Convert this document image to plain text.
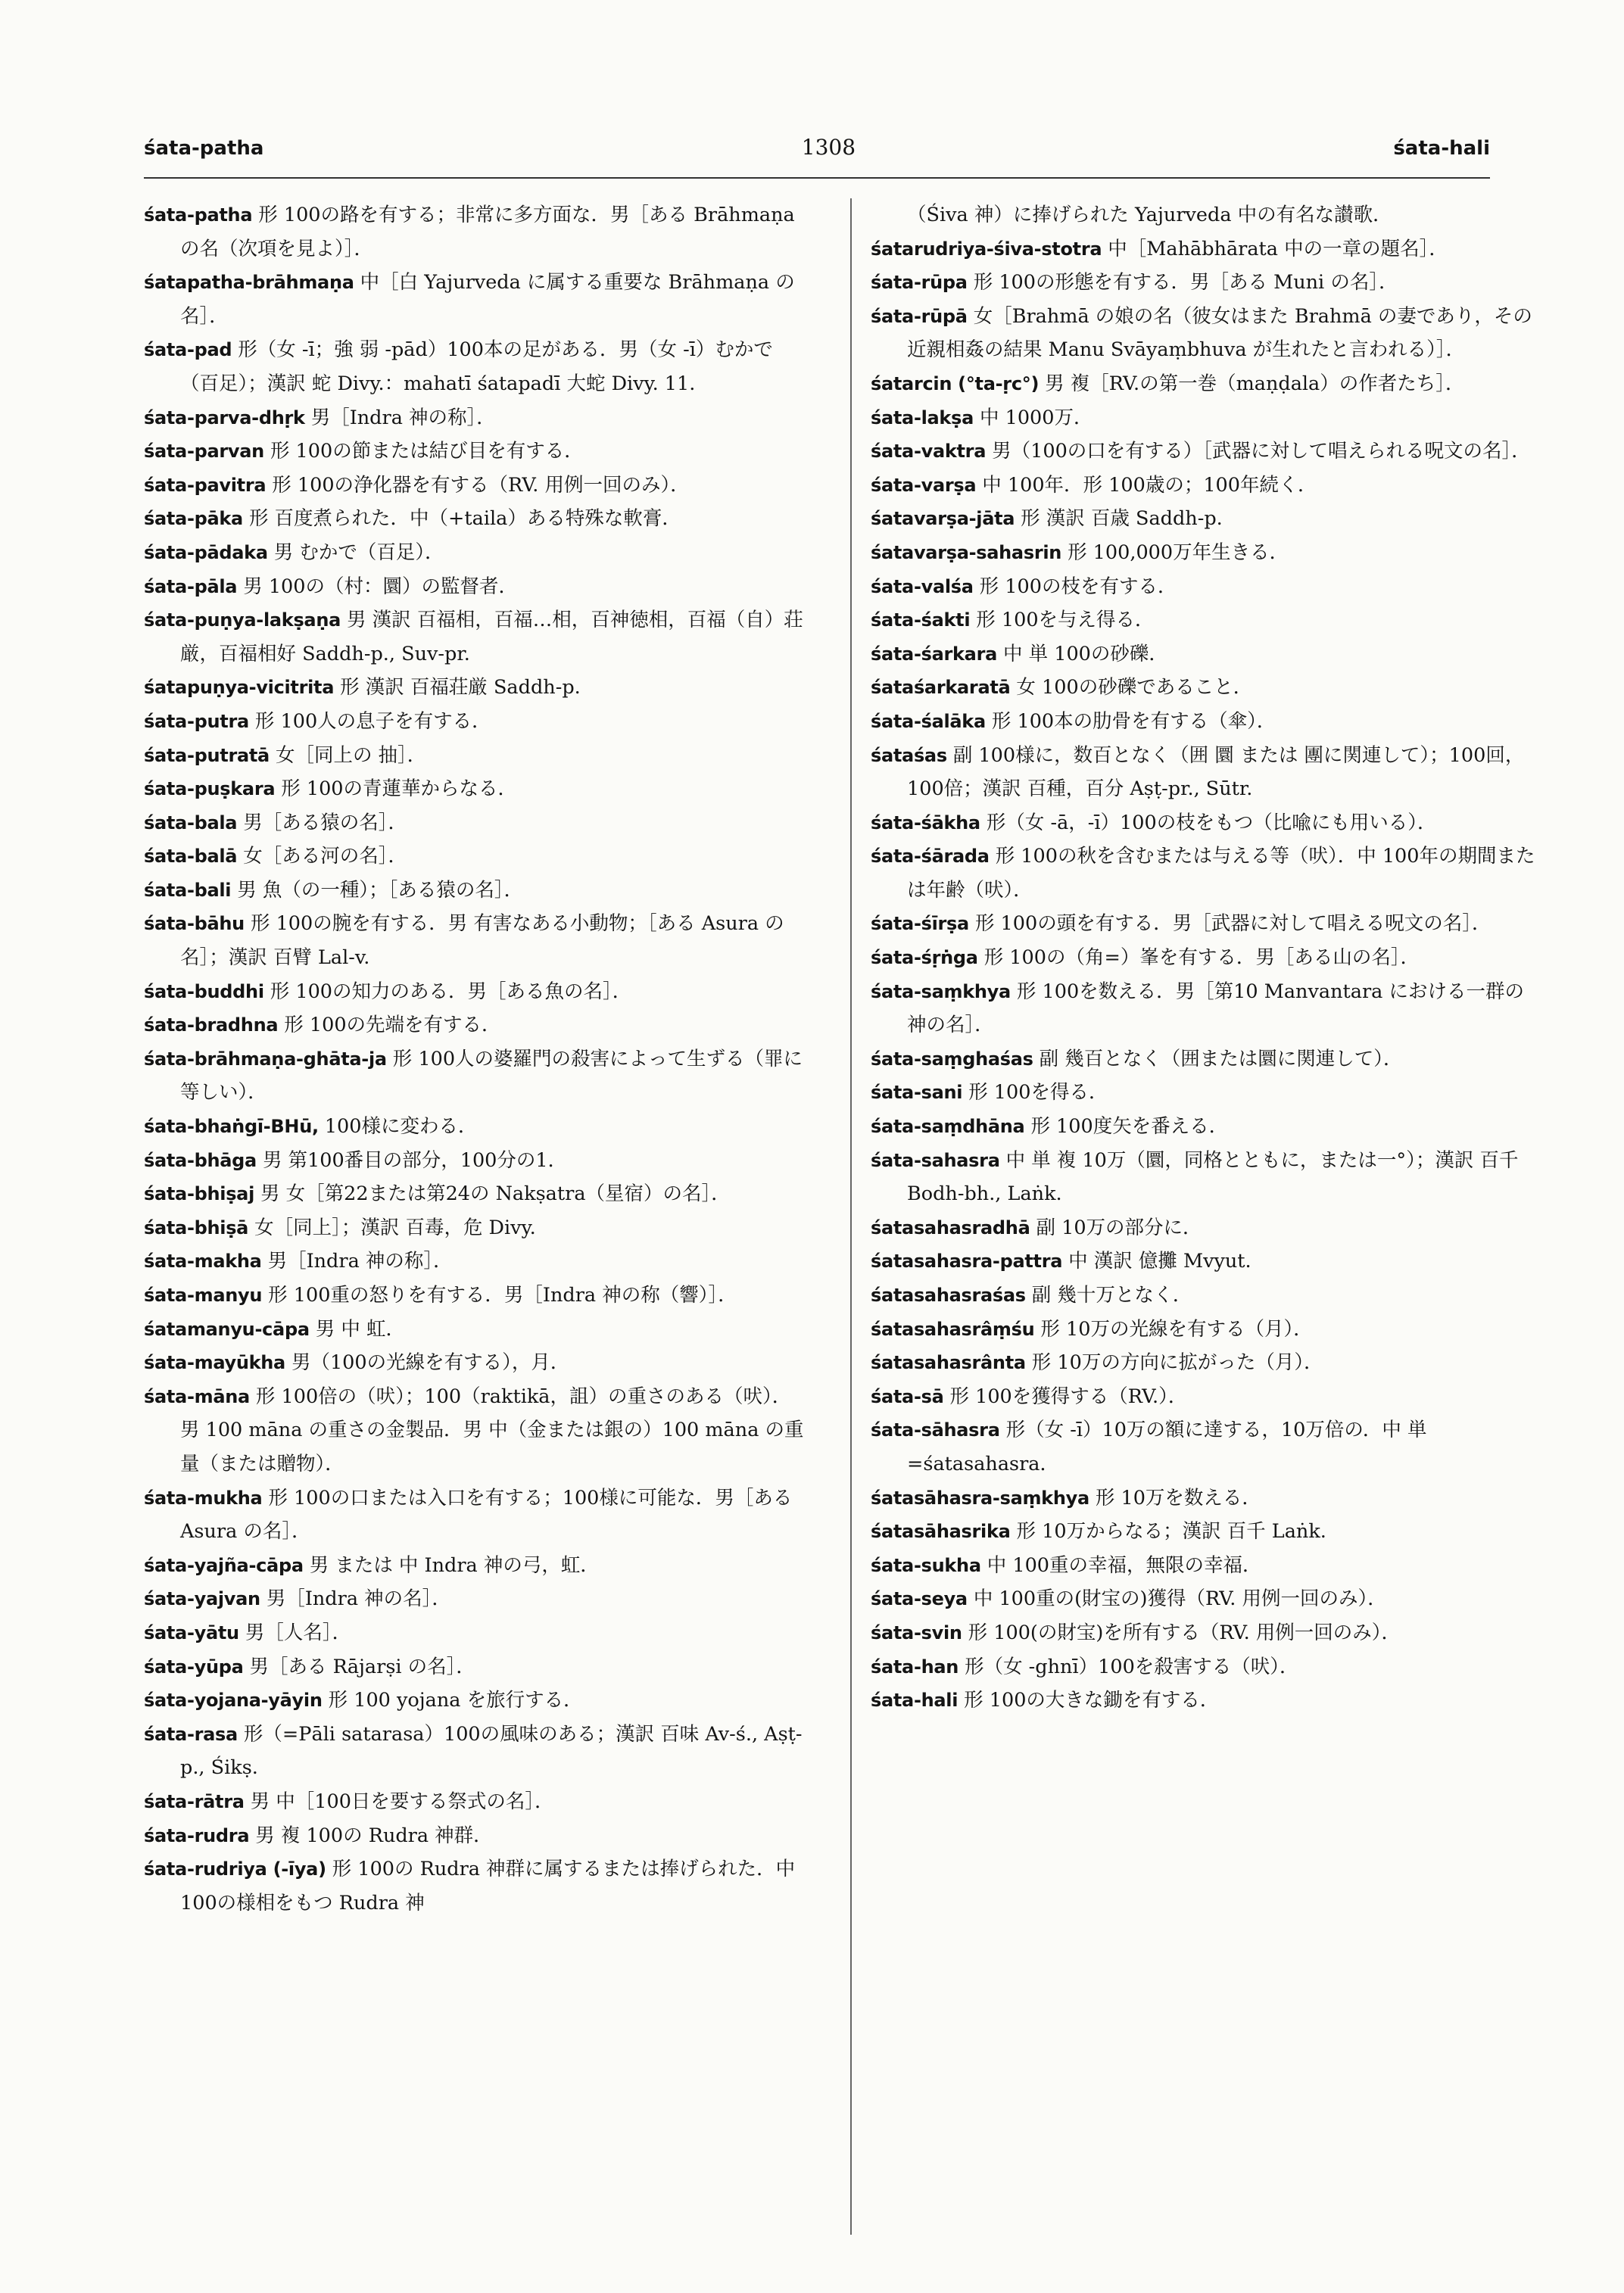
śata-patha	1308	śata-hali
śata-patha 形 100の路を有する；非常に多方面な．男［ある Brāhmaṇa の名（次項を見よ）］．
śatapatha-brāhmaṇa 中［白 Yajurveda に属する重要な Brāhmaṇa の名］．
śata-pad 形（女 -ī；強 弱 -pād）100本の足がある．男（女 -ī）むかで（百足）；漢訳 蛇 Divy.：mahatī śatapadī 大蛇 Divy. 11.
śata-parva-dhṛk 男［Indra 神の称］．
śata-parvan 形 100の節または結び目を有する．
śata-pavitra 形 100の浄化器を有する（RV. 用例一回のみ）．
śata-pāka 形 百度煮られた．中（+taila）ある特殊な軟膏．
śata-pādaka 男 むかで（百足）．
śata-pāla 男 100の（村：圜）の監督者．
śata-puṇya-lakṣaṇa 男 漢訳 百福相，百福…相，百神徳相，百福（自）荘厳，百福相好 Saddh-p., Suv-pr.
śatapuṇya-vicitrita 形 漢訳 百福荘厳 Saddh-p.
śata-putra 形 100人の息子を有する．
śata-putratā 女［同上の 抽］．
śata-puṣkara 形 100の青蓮華からなる．
śata-bala 男［ある猿の名］．
śata-balā 女［ある河の名］．
śata-bali 男 魚（の一種）；［ある猿の名］．
śata-bāhu 形 100の腕を有する．男 有害なある小動物；［ある Asura の名］；漢訳 百臂 Lal-v.
śata-buddhi 形 100の知力のある．男［ある魚の名］．
śata-bradhna 形 100の先端を有する．
śata-brāhmaṇa-ghāta-ja 形 100人の婆羅門の殺害によって生ずる（罪に等しい）．
śata-bhaṅgī-BHū, 100様に変わる．
śata-bhāga 男 第100番目の部分，100分の1．
śata-bhiṣaj 男 女［第22または第24の Nakṣatra（星宿）の名］．
śata-bhiṣā 女［同上］；漢訳 百毒，危 Divy.
śata-makha 男［Indra 神の称］．
śata-manyu 形 100重の怒りを有する．男［Indra 神の称（響）］．
śatamanyu-cāpa 男 中 虹．
śata-mayūkha 男（100の光線を有する），月．
śata-māna 形 100倍の（吠）；100（raktikā，詛）の重さのある（吠）．男 100 māna の重さの金製品．男 中（金または銀の）100 māna の重量（または贈物）．
śata-mukha 形 100の口または入口を有する；100様に可能な．男［ある Asura の名］．
śata-yajña-cāpa 男 または 中 Indra 神の弓，虹．
śata-yajvan 男［Indra 神の名］．
śata-yātu 男［人名］．
śata-yūpa 男［ある Rājarṣi の名］．
śata-yojana-yāyin 形 100 yojana を旅行する．
śata-rasa 形（=Pāli satarasa）100の風味のある；漢訳 百味 Av-ś., Aṣṭ-p., Śikṣ.
śata-rātra 男 中［100日を要する祭式の名］．
śata-rudra 男 複 100の Rudra 神群．
śata-rudriya (-īya) 形 100の Rudra 神群に属するまたは捧げられた．中 100の様相をもつ Rudra 神
（Śiva 神）に捧げられた Yajurveda 中の有名な讃歌．
śatarudriya-śiva-stotra 中［Mahābhārata 中の一章の題名］．
śata-rūpa 形 100の形態を有する．男［ある Muni の名］．
śata-rūpā 女［Brahmā の娘の名（彼女はまた Brahmā の妻であり，その近親相姦の結果 Manu Svāyaṃbhuva が生れたと言われる）］．
śatarcin (°ta-ṛc°) 男 複［RV.の第一巻（maṇḍala）の作者たち］．
śata-lakṣa 中 1000万．
śata-vaktra 男（100の口を有する）［武器に対して唱えられる呪文の名］．
śata-varṣa 中 100年．形 100歳の；100年続く．
śatavarṣa-jāta 形 漢訳 百歳 Saddh-p.
śatavarṣa-sahasrin 形 100,000万年生きる．
śata-valśa 形 100の枝を有する．
śata-śakti 形 100を与え得る．
śata-śarkara 中 単 100の砂礫．
śataśarkaratā 女 100の砂礫であること．
śata-śalāka 形 100本の肋骨を有する（傘）．
śataśas 副 100様に，数百となく（囲 圜 または 團に関連して）；100回，100倍；漢訳 百種，百分 Aṣṭ-pr., Sūtr.
śata-śākha 形（女 -ā，-ī）100の枝をもつ（比喩にも用いる）．
śata-śārada 形 100の秋を含むまたは与える等（吠）．中 100年の期間または年齢（吠）．
śata-śīrṣa 形 100の頭を有する．男［武器に対して唱える呪文の名］．
śata-śṛṅga 形 100の（角=）峯を有する．男［ある山の名］．
śata-saṃkhya 形 100を数える．男［第10 Manvantara における一群の神の名］．
śata-saṃghaśas 副 幾百となく（囲または圜に関連して）．
śata-sani 形 100を得る．
śata-saṃdhāna 形 100度矢を番える．
śata-sahasra 中 単 複 10万（圜，同格とともに，または一°）；漢訳 百千 Bodh-bh., Laṅk.
śatasahasradhā 副 10万の部分に．
śatasahasra-pattra 中 漢訳 億攤 Mvyut.
śatasahasraśas 副 幾十万となく．
śatasahasrâṃśu 形 10万の光線を有する（月）．
śatasahasrânta 形 10万の方向に拡がった（月）．
śata-sā 形 100を獲得する（RV.）．
śata-sāhasra 形（女 -ī）10万の額に達する，10万倍の．中 単 =śatasahasra．
śatasāhasra-saṃkhya 形 10万を数える．
śatasāhasrika 形 10万からなる；漢訳 百千 Laṅk.
śata-sukha 中 100重の幸福，無限の幸福．
śata-seya 中 100重の(財宝の)獲得（RV. 用例一回のみ）．
śata-svin 形 100(の財宝)を所有する（RV. 用例一回のみ）．
śata-han 形（女 -ghnī）100を殺害する（吠）．
śata-hali 形 100の大きな鋤を有する．
